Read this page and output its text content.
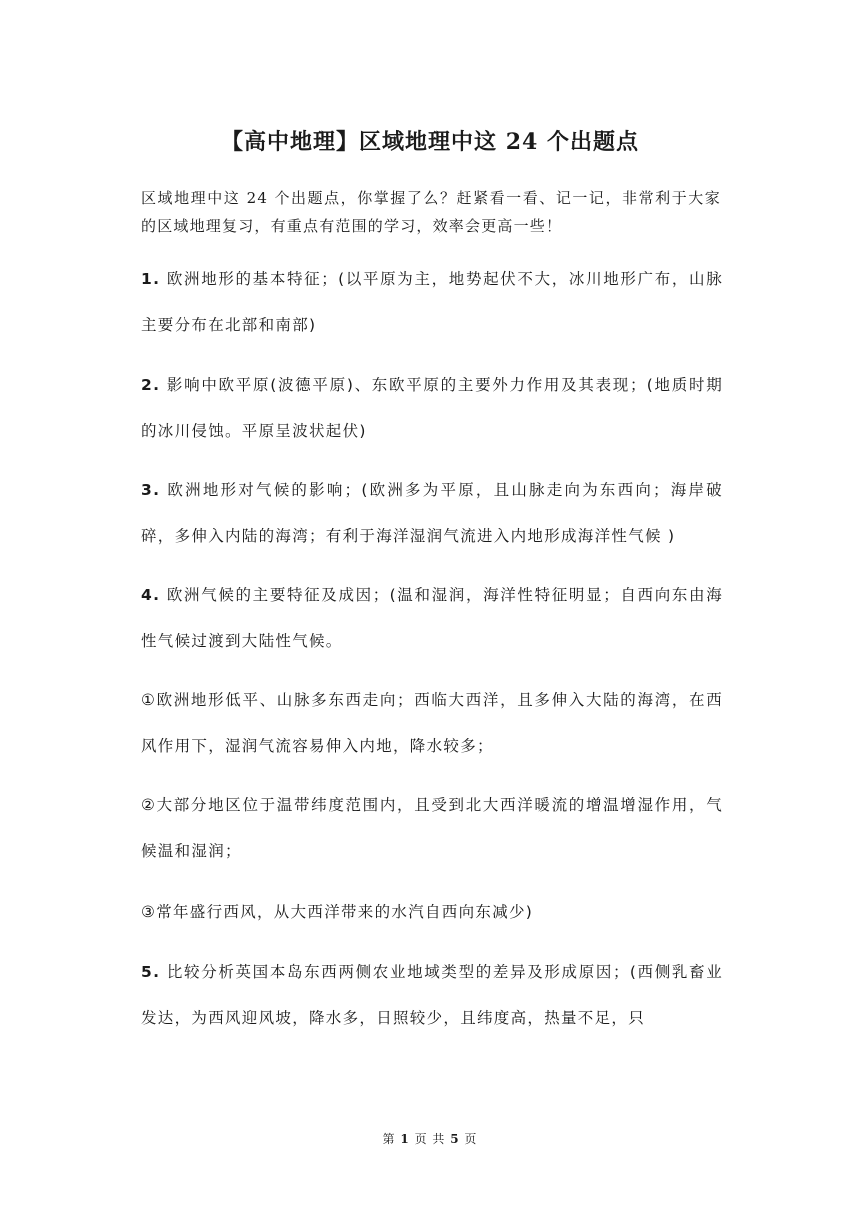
【高中地理】区域地理中这 24 个出题点
区域地理中这 24 个出题点，你掌握了么？赶紧看一看、记一记，非常利于大家的区域地理复习，有重点有范围的学习，效率会更高一些！
1. 欧洲地形的基本特征；(以平原为主，地势起伏不大，冰川地形广布，山脉主要分布在北部和南部)
2. 影响中欧平原(波德平原)、东欧平原的主要外力作用及其表现；(地质时期的冰川侵蚀。平原呈波状起伏)
3. 欧洲地形对气候的影响；(欧洲多为平原，且山脉走向为东西向；海岸破碎，多伸入内陆的海湾；有利于海洋湿润气流进入内地形成海洋性气候 )
4. 欧洲气候的主要特征及成因；(温和湿润，海洋性特征明显；自西向东由海性气候过渡到大陆性气候。
①欧洲地形低平、山脉多东西走向；西临大西洋，且多伸入大陆的海湾，在西风作用下，湿润气流容易伸入内地，降水较多；
②大部分地区位于温带纬度范围内，且受到北大西洋暖流的增温增湿作用，气候温和湿润；
③常年盛行西风，从大西洋带来的水汽自西向东减少)
5. 比较分析英国本岛东西两侧农业地域类型的差异及形成原因；(西侧乳畜业发达，为西风迎风坡，降水多，日照较少，且纬度高，热量不足，只
第 1 页 共 5 页
